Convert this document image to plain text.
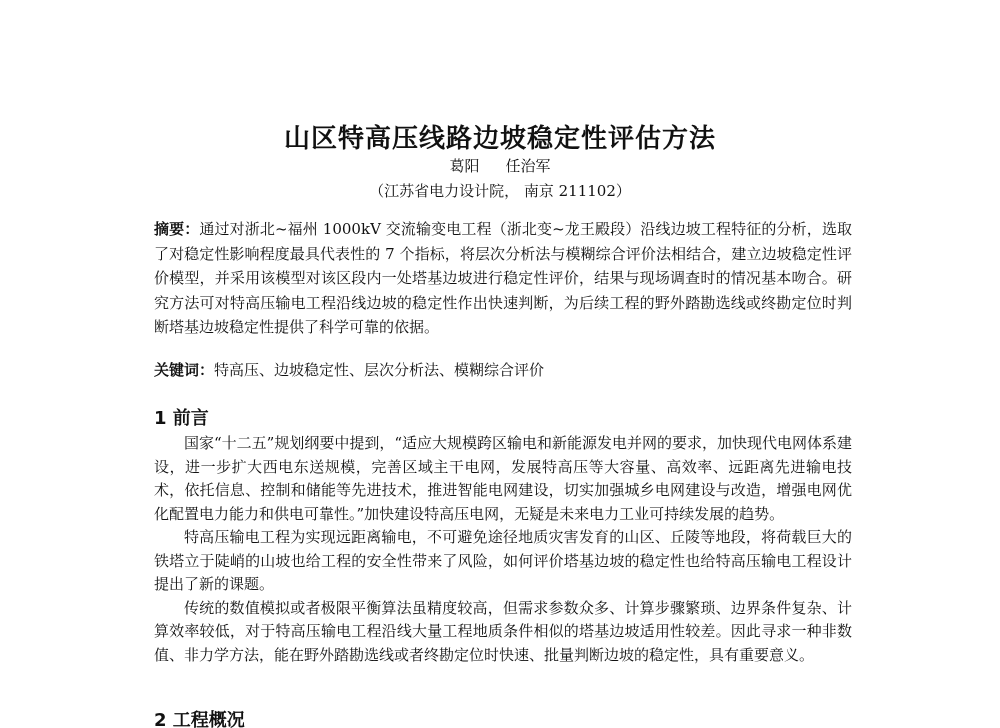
山区特高压线路边坡稳定性评估方法
葛阳 任治军
（江苏省电力设计院， 南京 211102）
摘要：通过对浙北~福州 1000kV 交流输变电工程（浙北变~龙王殿段）沿线边坡工程特征的分析，选取了对稳定性影响程度最具代表性的 7 个指标，将层次分析法与模糊综合评价法相结合，建立边坡稳定性评价模型，并采用该模型对该区段内一处塔基边坡进行稳定性评价，结果与现场调查时的情况基本吻合。研究方法可对特高压输电工程沿线边坡的稳定性作出快速判断，为后续工程的野外踏勘选线或终勘定位时判断塔基边坡稳定性提供了科学可靠的依据。
关键词：特高压、边坡稳定性、层次分析法、模糊综合评价
1 前言

国家“十二五”规划纲要中提到，“适应大规模跨区输电和新能源发电并网的要求，加快现代电网体系建设，进一步扩大西电东送规模，完善区域主干电网，发展特高压等大容量、高效率、远距离先进输电技术，依托信息、控制和储能等先进技术，推进智能电网建设，切实加强城乡电网建设与改造，增强电网优化配置电力能力和供电可靠性。”加快建设特高压电网，无疑是未来电力工业可持续发展的趋势。

特高压输电工程为实现远距离输电，不可避免途径地质灾害发育的山区、丘陵等地段，将荷载巨大的铁塔立于陡峭的山坡也给工程的安全性带来了风险，如何评价塔基边坡的稳定性也给特高压输电工程设计提出了新的课题。

传统的数值模拟或者极限平衡算法虽精度较高，但需求参数众多、计算步骤繁琐、边界条件复杂、计算效率较低，对于特高压输电工程沿线大量工程地质条件相似的塔基边坡适用性较差。因此寻求一种非数值、非力学方法，能在野外踏勘选线或者终勘定位时快速、批量判断边坡的稳定性，具有重要意义。

2 工程概况
